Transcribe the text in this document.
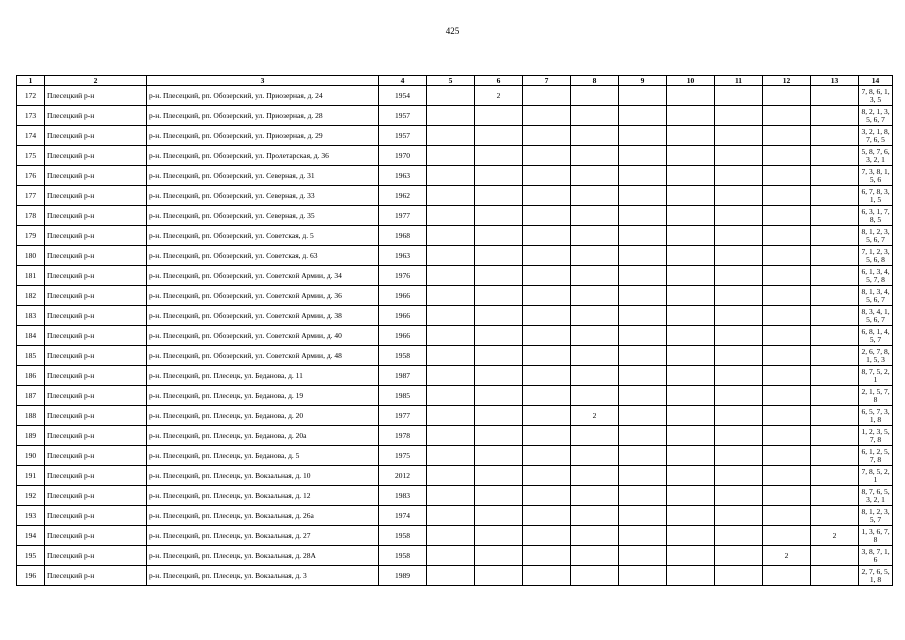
425
1	2	3	4	5	6	7	8	9	10	11	12	13	14
172	Плесецкий р-н	р-н. Плесецкий, рп. Обозерский, ул. Приозерная, д. 24	1954		2								7, 8, 6, 1, 3, 5
173	Плесецкий р-н	р-н. Плесецкий, рп. Обозерский, ул. Приозерная, д. 28	1957										8, 2, 1, 3, 5, 6, 7
174	Плесецкий р-н	р-н. Плесецкий, рп. Обозерский, ул. Приозерная, д. 29	1957										3, 2, 1, 8, 7, 6, 5
175	Плесецкий р-н	р-н. Плесецкий, рп. Обозерский, ул. Пролетарская, д. 36	1970										5, 8, 7, 6, 3, 2, 1
176	Плесецкий р-н	р-н. Плесецкий, рп. Обозерский, ул. Северная, д. 31	1963										7, 3, 8, 1, 5, 6
177	Плесецкий р-н	р-н. Плесецкий, рп. Обозерский, ул. Северная, д. 33	1962										6, 7, 8, 3, 1, 5
178	Плесецкий р-н	р-н. Плесецкий, рп. Обозерский, ул. Северная, д. 35	1977										6, 3, 1, 7, 8, 5
179	Плесецкий р-н	р-н. Плесецкий, рп. Обозерский, ул. Советская, д. 5	1968										8, 1, 2, 3, 5, 6, 7
180	Плесецкий р-н	р-н. Плесецкий, рп. Обозерский, ул. Советская, д. 63	1963										7, 1, 2, 3, 5, 6, 8
181	Плесецкий р-н	р-н. Плесецкий, рп. Обозерский, ул. Советской Армии, д. 34	1976										6, 1, 3, 4, 5, 7, 8
182	Плесецкий р-н	р-н. Плесецкий, рп. Обозерский, ул. Советской Армии, д. 36	1966										8, 1, 3, 4, 5, 6, 7
183	Плесецкий р-н	р-н. Плесецкий, рп. Обозерский, ул. Советской Армии, д. 38	1966										8, 3, 4, 1, 5, 6, 7
184	Плесецкий р-н	р-н. Плесецкий, рп. Обозерский, ул. Советской Армии, д. 40	1966										6, 8, 1, 4, 5, 7
185	Плесецкий р-н	р-н. Плесецкий, рп. Обозерский, ул. Советской Армии, д. 48	1958										2, 6, 7, 8, 1, 5, 3
186	Плесецкий р-н	р-н. Плесецкий, рп. Плесецк, ул. Беданова, д. 11	1987										8, 7, 5, 2, 1
187	Плесецкий р-н	р-н. Плесецкий, рп. Плесецк, ул. Беданова, д. 19	1985										2, 1, 5, 7, 8
188	Плесецкий р-н	р-н. Плесецкий, рп. Плесецк, ул. Беданова, д. 20	1977				2						6, 5, 7, 3, 1, 8
189	Плесецкий р-н	р-н. Плесецкий, рп. Плесецк, ул. Беданова, д. 20а	1978										1, 2, 3, 5, 7, 8
190	Плесецкий р-н	р-н. Плесецкий, рп. Плесецк, ул. Беданова, д. 5	1975										6, 1, 2, 5, 7, 8
191	Плесецкий р-н	р-н. Плесецкий, рп. Плесецк, ул. Вокзальная, д. 10	2012										7, 8, 5, 2, 1
192	Плесецкий р-н	р-н. Плесецкий, рп. Плесецк, ул. Вокзальная, д. 12	1983										8, 7, 6, 5, 3, 2, 1
193	Плесецкий р-н	р-н. Плесецкий, рп. Плесецк, ул. Вокзальная, д. 26а	1974										8, 1, 2, 3, 5, 7
194	Плесецкий р-н	р-н. Плесецкий, рп. Плесецк, ул. Вокзальная, д. 27	1958									2	1, 3, 6, 7, 8
195	Плесецкий р-н	р-н. Плесецкий, рп. Плесецк, ул. Вокзальная, д. 28А	1958								2		3, 8, 7, 1, 6
196	Плесецкий р-н	р-н. Плесецкий, рп. Плесецк, ул. Вокзальная, д. 3	1989										2, 7, 6, 5, 1, 8
